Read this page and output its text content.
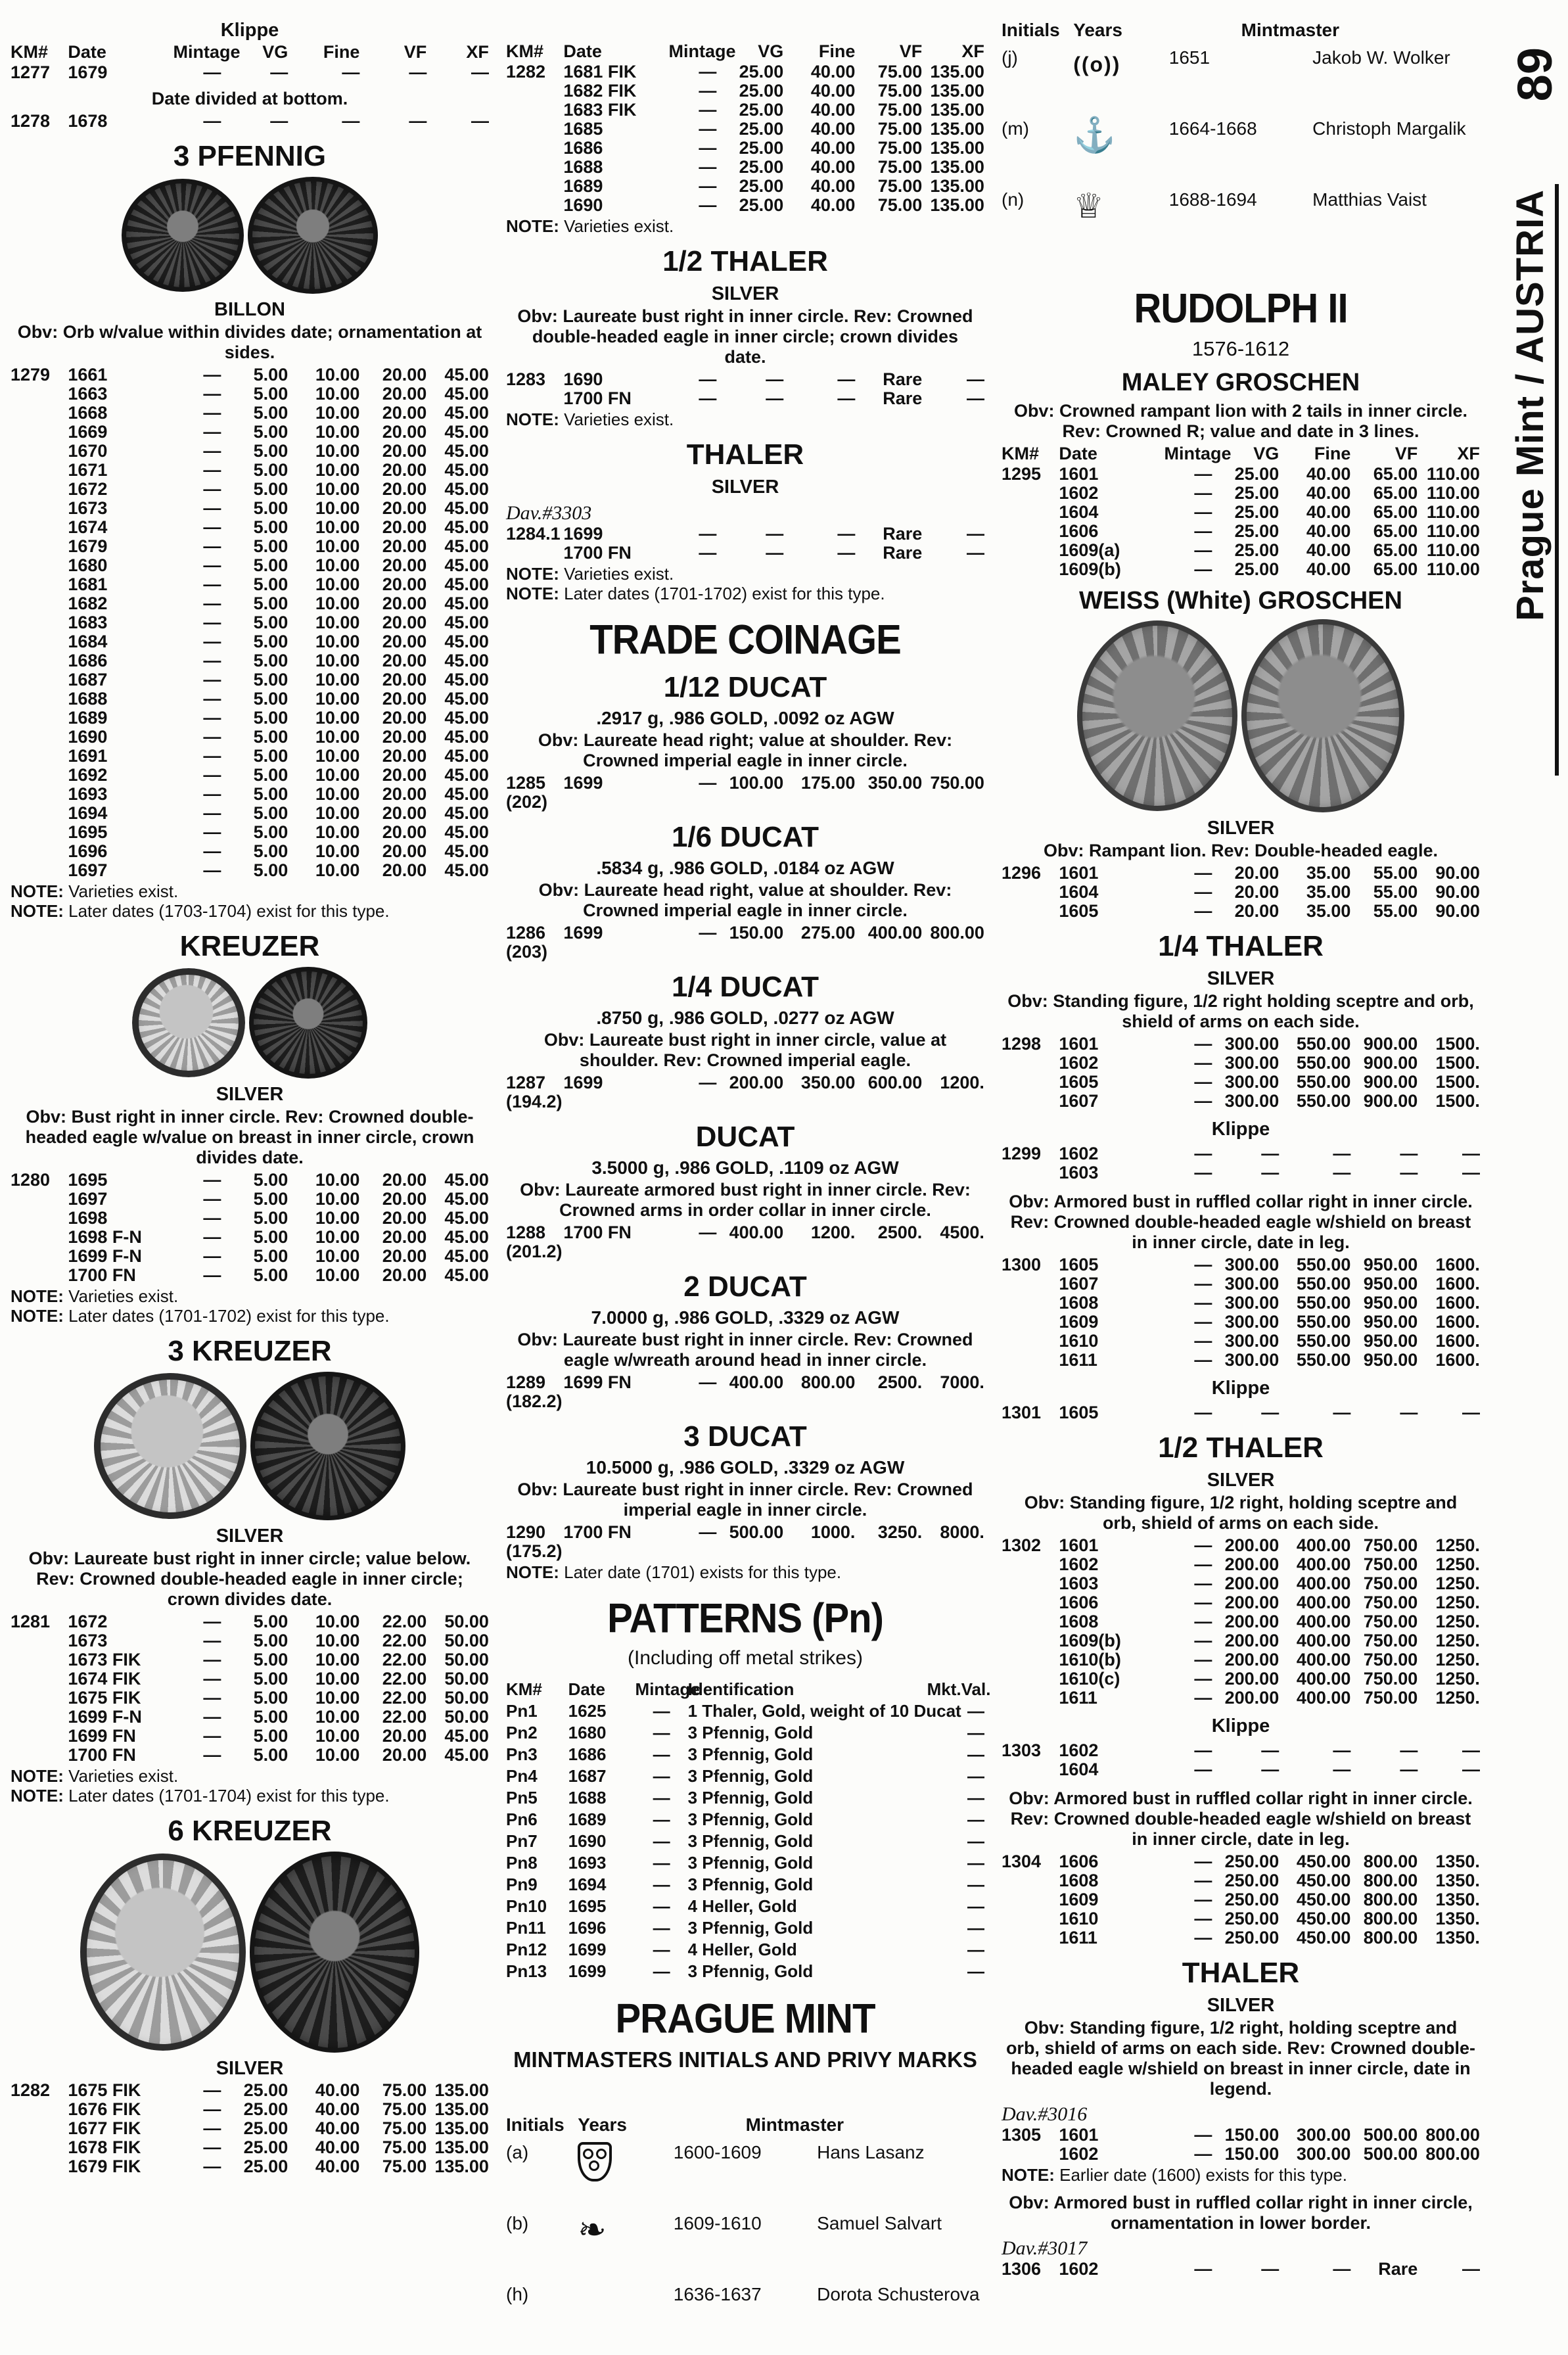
Klippe
KM#	Date	Mintage	VG	Fine	VF	XF
1277	1679	—	—	—	—	—
Date divided at bottom.
1278	1678	—	—	—	—	—
3 PFENNIG
BILLON
Obv: Orb w/value within divides date; ornamentation at sides.
1279	1661	—	5.00	10.00	20.00	45.00
1663	—	5.00	10.00	20.00	45.00
1668	—	5.00	10.00	20.00	45.00
1669	—	5.00	10.00	20.00	45.00
1670	—	5.00	10.00	20.00	45.00
1671	—	5.00	10.00	20.00	45.00
1672	—	5.00	10.00	20.00	45.00
1673	—	5.00	10.00	20.00	45.00
1674	—	5.00	10.00	20.00	45.00
1679	—	5.00	10.00	20.00	45.00
1680	—	5.00	10.00	20.00	45.00
1681	—	5.00	10.00	20.00	45.00
1682	—	5.00	10.00	20.00	45.00
1683	—	5.00	10.00	20.00	45.00
1684	—	5.00	10.00	20.00	45.00
1686	—	5.00	10.00	20.00	45.00
1687	—	5.00	10.00	20.00	45.00
1688	—	5.00	10.00	20.00	45.00
1689	—	5.00	10.00	20.00	45.00
1690	—	5.00	10.00	20.00	45.00
1691	—	5.00	10.00	20.00	45.00
1692	—	5.00	10.00	20.00	45.00
1693	—	5.00	10.00	20.00	45.00
1694	—	5.00	10.00	20.00	45.00
1695	—	5.00	10.00	20.00	45.00
1696	—	5.00	10.00	20.00	45.00
1697	—	5.00	10.00	20.00	45.00
NOTE: Varieties exist.
NOTE: Later dates (1703-1704) exist for this type.
KREUZER
SILVER
Obv: Bust right in inner circle. Rev: Crowned double-headed eagle w/value on breast in inner circle, crown divides date.
1280	1695	—	5.00	10.00	20.00	45.00
1697	—	5.00	10.00	20.00	45.00
1698	—	5.00	10.00	20.00	45.00
1698 F-N	—	5.00	10.00	20.00	45.00
1699 F-N	—	5.00	10.00	20.00	45.00
1700 FN	—	5.00	10.00	20.00	45.00
NOTE: Varieties exist.
NOTE: Later dates (1701-1702) exist for this type.
3 KREUZER
SILVER
Obv: Laureate bust right in inner circle; value below. Rev: Crowned double-headed eagle in inner circle; crown divides date.
1281	1672	—	5.00	10.00	22.00	50.00
1673	—	5.00	10.00	22.00	50.00
1673 FIK	—	5.00	10.00	22.00	50.00
1674 FIK	—	5.00	10.00	22.00	50.00
1675 FIK	—	5.00	10.00	22.00	50.00
1699 F-N	—	5.00	10.00	22.00	50.00
1699 FN	—	5.00	10.00	20.00	45.00
1700 FN	—	5.00	10.00	20.00	45.00
NOTE: Varieties exist.
NOTE: Later dates (1701-1704) exist for this type.
6 KREUZER
SILVER
1282	1675 FIK	—	25.00	40.00	75.00 135.00
1676 FIK	—	25.00	40.00	75.00 135.00
1677 FIK	—	25.00	40.00	75.00 135.00
1678 FIK	—	25.00	40.00	75.00 135.00
1679 FIK	—	25.00	40.00	75.00 135.00
KM#	Date	Mintage	VG	Fine	VF	XF
1282	1681 FIK	—	25.00	40.00	75.00 135.00
1682 FIK	—	25.00	40.00	75.00 135.00
1683 FIK	—	25.00	40.00	75.00 135.00
1685	—	25.00	40.00	75.00 135.00
1686	—	25.00	40.00	75.00 135.00
1688	—	25.00	40.00	75.00 135.00
1689	—	25.00	40.00	75.00 135.00
1690	—	25.00	40.00	75.00 135.00
NOTE: Varieties exist.
1/2 THALER
SILVER
Obv: Laureate bust right in inner circle. Rev: Crowned double-headed eagle in inner circle; crown divides date.
1283	1690	—	—	—	Rare	—
1700 FN	—	—	—	Rare	—
NOTE: Varieties exist.
THALER
SILVER
Dav.#3303
1284.1 1699	—	—	—	Rare	—
1700 FN	—	—	—	Rare	—
NOTE: Varieties exist.
NOTE: Later dates (1701-1702) exist for this type.
TRADE COINAGE
1/12 DUCAT
.2917 g, .986 GOLD, .0092 oz AGW
Obv: Laureate head right; value at shoulder. Rev: Crowned imperial eagle in inner circle.
1285	1699	— 100.00 175.00 350.00 750.00
(202)
1/6 DUCAT
.5834 g, .986 GOLD, .0184 oz AGW
Obv: Laureate head right, value at shoulder. Rev: Crowned imperial eagle in inner circle.
1286	1699	— 150.00 275.00 400.00 800.00
(203)
1/4 DUCAT
.8750 g, .986 GOLD, .0277 oz AGW
Obv: Laureate bust right in inner circle, value at shoulder. Rev: Crowned imperial eagle.
1287	1699	— 200.00 350.00 600.00	1200.
(194.2)
DUCAT
3.5000 g, .986 GOLD, .1109 oz AGW
Obv: Laureate armored bust right in inner circle. Rev: Crowned arms in order collar in inner circle.
1288	1700 FN	— 400.00	1200.	2500.	4500.
(201.2)
2 DUCAT
7.0000 g, .986 GOLD, .3329 oz AGW
Obv: Laureate bust right in inner circle. Rev: Crowned eagle w/wreath around head in inner circle.
1289	1699 FN	— 400.00 800.00	2500.	7000.
(182.2)
3 DUCAT
10.5000 g, .986 GOLD, .3329 oz AGW
Obv: Laureate bust right in inner circle. Rev: Crowned imperial eagle in inner circle.
1290	1700 FN	— 500.00	1000.	3250.	8000.
(175.2)
NOTE: Later date (1701) exists for this type.
PATTERNS (Pn)
(Including off metal strikes)
KM#	Date	Mintage
Identification	Mkt.Val.
Pn1	1625	—	1 Thaler, Gold, weight of 10 Ducat —
Pn2	1680	—	3 Pfennig, Gold	—
Pn3	1686	—	3 Pfennig, Gold	—
Pn4	1687	—	3 Pfennig, Gold	—
Pn5	1688	—	3 Pfennig, Gold	—
Pn6	1689	—	3 Pfennig, Gold	—
Pn7	1690	—	3 Pfennig, Gold	—
Pn8	1693	—	3 Pfennig, Gold	—
Pn9	1694	—	3 Pfennig, Gold	—
Pn10	1695	—	4 Heller, Gold	—
Pn11	1696	—	3 Pfennig, Gold	—
Pn12	1699	—	4 Heller, Gold	—
Pn13	1699	—	3 Pfennig, Gold	—
PRAGUE MINT
MINTMASTERS INITIALS AND PRIVY MARKS
Initials Years	Mintmaster
(a)	1600-1609	Hans Lasanz
(b)	❧	1609-1610	Samuel Salvart
(h)	1636-1637	Dorota Schusterova
Initials Years	Mintmaster
(j)	((o))	1651	Jakob W. Wolker
(m)	⚓	1664-1668	Christoph Margalik
(n)	♕	1688-1694	Matthias Vaist
RUDOLPH II
1576-1612
MALEY GROSCHEN
Obv: Crowned rampant lion with 2 tails in inner circle. Rev: Crowned R; value and date in 3 lines.
KM#	Date	Mintage	VG	Fine	VF	XF
1295	1601	—	25.00	40.00	65.00 110.00
1602	—	25.00	40.00	65.00 110.00
1604	—	25.00	40.00	65.00 110.00
1606	—	25.00	40.00	65.00 110.00
1609(a)	—	25.00	40.00	65.00 110.00
1609(b)	—	25.00	40.00	65.00 110.00
WEISS (White) GROSCHEN
SILVER
Obv: Rampant lion. Rev: Double-headed eagle.
1296	1601	—	20.00	35.00	55.00	90.00
1604	—	20.00	35.00	55.00	90.00
1605	—	20.00	35.00	55.00	90.00
1/4 THALER
SILVER
Obv: Standing figure, 1/2 right holding sceptre and orb, shield of arms on each side.
1298	1601	— 300.00 550.00 900.00	1500.
1602	— 300.00 550.00 900.00	1500.
1605	— 300.00 550.00 900.00	1500.
1607	— 300.00 550.00 900.00	1500.
Klippe
1299	1602	—	—	—	—	—
1603	—	—	—	—	—
Obv: Armored bust in ruffled collar right in inner circle. Rev: Crowned double-headed eagle w/shield on breast in inner circle, date in leg.
1300	1605	— 300.00 550.00 950.00	1600.
1607	— 300.00 550.00 950.00	1600.
1608	— 300.00 550.00 950.00	1600.
1609	— 300.00 550.00 950.00	1600.
1610	— 300.00 550.00 950.00	1600.
1611	— 300.00 550.00 950.00	1600.
Klippe
1301	1605	—	—	—	—	—
1/2 THALER
SILVER
Obv: Standing figure, 1/2 right, holding sceptre and orb, shield of arms on each side.
1302	1601	— 200.00 400.00 750.00	1250.
1602	— 200.00 400.00 750.00	1250.
1603	— 200.00 400.00 750.00	1250.
1606	— 200.00 400.00 750.00	1250.
1608	— 200.00 400.00 750.00	1250.
1609(b)	— 200.00 400.00 750.00	1250.
1610(b)	— 200.00 400.00 750.00	1250.
1610(c)	— 200.00 400.00 750.00	1250.
1611	— 200.00 400.00 750.00	1250.
Klippe
1303	1602	—	—	—	—	—
1604	—	—	—	—	—
Obv: Armored bust in ruffled collar right in inner circle. Rev: Crowned double-headed eagle w/shield on breast in inner circle, date in leg.
1304	1606	— 250.00 450.00 800.00	1350.
1608	— 250.00 450.00 800.00	1350.
1609	— 250.00 450.00 800.00	1350.
1610	— 250.00 450.00 800.00	1350.
1611	— 250.00 450.00 800.00	1350.
THALER
SILVER
Obv: Standing figure, 1/2 right, holding sceptre and orb, shield of arms on each side. Rev: Crowned double-headed eagle w/shield on breast in inner circle, date in legend.
Dav.#3016
1305	1601	— 150.00 300.00 500.00 800.00
1602	— 150.00 300.00 500.00 800.00
NOTE: Earlier date (1600) exists for this type.
Obv: Armored bust in ruffled collar right in inner circle, ornamentation in lower border.
Dav.#3017
1306	1602	—	—	—	Rare	—
89
Prague Mint / AUSTRIA
